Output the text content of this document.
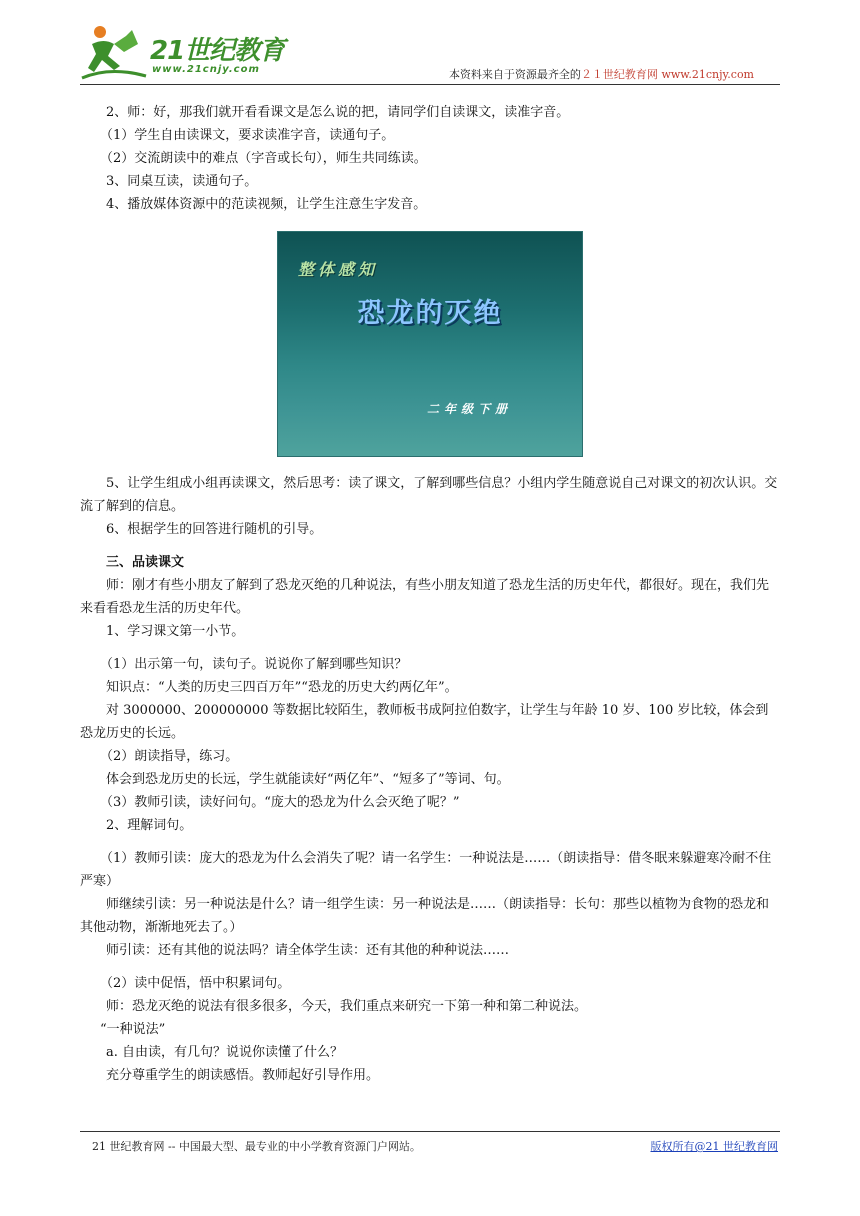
21世纪教育
www.21cnjy.com	本资料来自于资源最齐全的２１世纪教育网 www.21cnjy.com

2、师：好，那我们就开看看课文是怎么说的把，请同学们自读课文，读准字音。

（1）学生自由读课文，要求读准字音，读通句子。

（2）交流朗读中的难点（字音或长句），师生共同练读。

3、同桌互读，读通句子。

4、播放媒体资源中的范读视频，让学生注意生字发音。

整体感知
恐龙的灭绝
二年级下册

5、让学生组成小组再读课文，然后思考：读了课文，了解到哪些信息？小组内学生随意说自己对课文的初次认识。交流了解到的信息。

6、根据学生的回答进行随机的引导。

三、品读课文

师：刚才有些小朋友了解到了恐龙灭绝的几种说法，有些小朋友知道了恐龙生活的历史年代，都很好。现在，我们先来看看恐龙生活的历史年代。

1、学习课文第一小节。

（1）出示第一句，读句子。说说你了解到哪些知识？

知识点：“人类的历史三四百万年”“恐龙的历史大约两亿年”。

对 3000000、200000000 等数据比较陌生，教师板书成阿拉伯数字，让学生与年龄 10 岁、100 岁比较，体会到恐龙历史的长远。

（2）朗读指导，练习。

体会到恐龙历史的长远，学生就能读好“两亿年”、“短多了”等词、句。

（3）教师引读，读好问句。“庞大的恐龙为什么会灭绝了呢？”

2、理解词句。

（1）教师引读：庞大的恐龙为什么会消失了呢？请一名学生：一种说法是……（朗读指导：借冬眠来躲避寒冷耐不住严寒）

师继续引读：另一种说法是什么？请一组学生读：另一种说法是……（朗读指导：长句：那些以植物为食物的恐龙和其他动物，渐渐地死去了。）

师引读：还有其他的说法吗？请全体学生读：还有其他的种种说法……

（2）读中促悟，悟中积累词句。

师：恐龙灭绝的说法有很多很多，今天，我们重点来研究一下第一种和第二种说法。

“一种说法”

a. 自由读，有几句？说说你读懂了什么？

充分尊重学生的朗读感悟。教师起好引导作用。

21 世纪教育网 -- 中国最大型、最专业的中小学教育资源门户网站。	版权所有@21 世纪教育网
